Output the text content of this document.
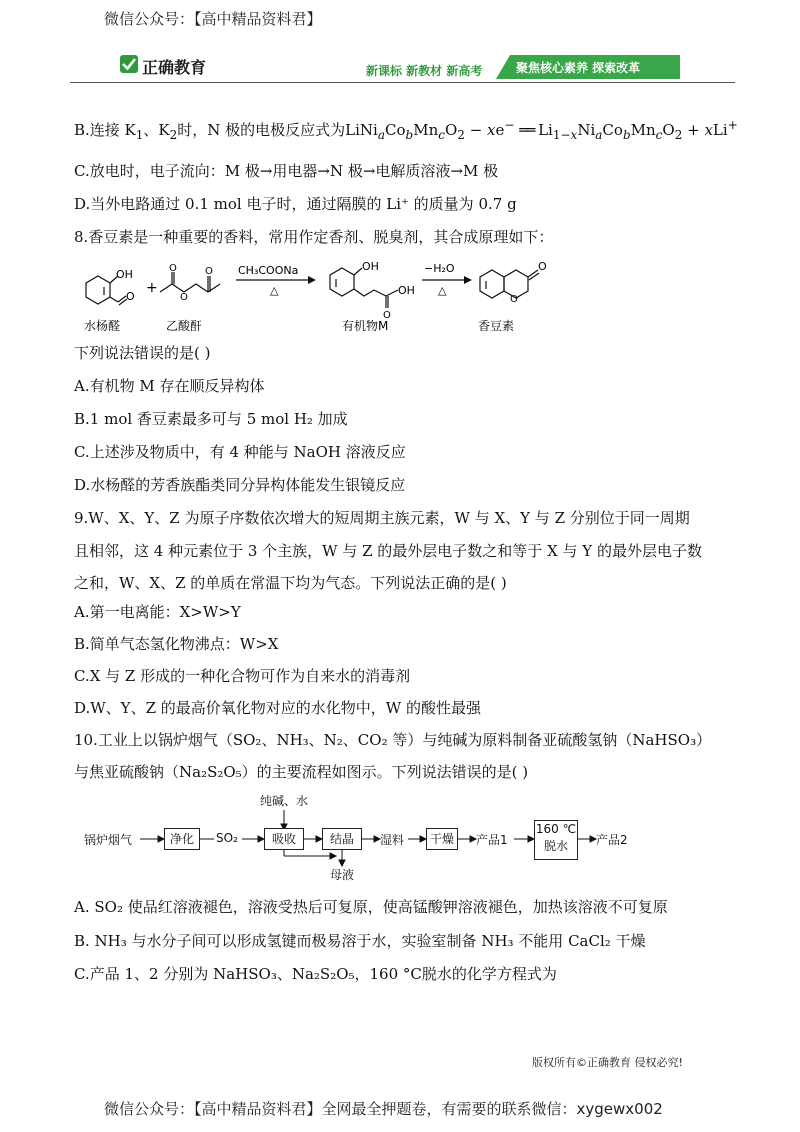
微信公众号：【高中精品资料君】
正确教育	新课标 新教材 新高考	聚焦核心素养 探索改革
B.连接 $K_1$、$K_2$时，N 极的电极反应式为$LiNi_aCo_bMn_cO_2 - xe^-$ ══ $Li_{1-x}Ni_aCo_bMn_cO_2 + xLi^+$
C.放电时，电子流向：M 极→用电器→N 极→电解质溶液→M 极
D.当外电路通过 0.1 mol 电子时，通过隔膜的 Li⁺ 的质量为 0.7 g
8.香豆素是一种重要的香料，常用作定香剂、脱臭剂，其合成原理如下：
OH
O
+
O
O
O CH₃COONa
△
OH
OH
O
−H₂O
△
O
O
水杨醛	乙酸酐	有机物M	香豆素
下列说法错误的是( )
A.有机物 M 存在顺反异构体
B.1 mol 香豆素最多可与 5 mol H₂ 加成
C.上述涉及物质中，有 4 种能与 NaOH 溶液反应
D.水杨醛的芳香族酯类同分异构体能发生银镜反应
9.W、X、Y、Z 为原子序数依次增大的短周期主族元素，W 与 X、Y 与 Z 分别位于同一周期
且相邻，这 4 种元素位于 3 个主族，W 与 Z 的最外层电子数之和等于 X 与 Y 的最外层电子数
之和，W、X、Z 的单质在常温下均为气态。下列说法正确的是( )
A.第一电离能：X>W>Y
B.简单气态氢化物沸点：W>X
C.X 与 Z 形成的一种化合物可作为自来水的消毒剂
D.W、Y、Z 的最高价氧化物对应的水化物中，W 的酸性最强
10.工业上以锅炉烟气（SO₂、NH₃、N₂、CO₂ 等）与纯碱为原料制备亚硫酸氢钠（NaHSO₃）
与焦亚硫酸钠（Na₂S₂O₅）的主要流程如图示。下列说法错误的是( )
锅炉烟气	净化	SO₂
纯碱、水
吸收	结晶
母液
湿料	干燥	产品1
160 ℃
脱水	产品2
A. SO₂ 使品红溶液褪色，溶液受热后可复原，使高锰酸钾溶液褪色，加热该溶液不可复原
B. NH₃ 与水分子间可以形成氢键而极易溶于水，实验室制备 NH₃ 不能用 CaCl₂ 干燥
C.产品 1、2 分别为 NaHSO₃、Na₂S₂O₅，160 °C脱水的化学方程式为
版权所有©正确教育 侵权必究!
微信公众号：【高中精品资料君】全网最全押题卷，有需要的联系微信：xygewx002
